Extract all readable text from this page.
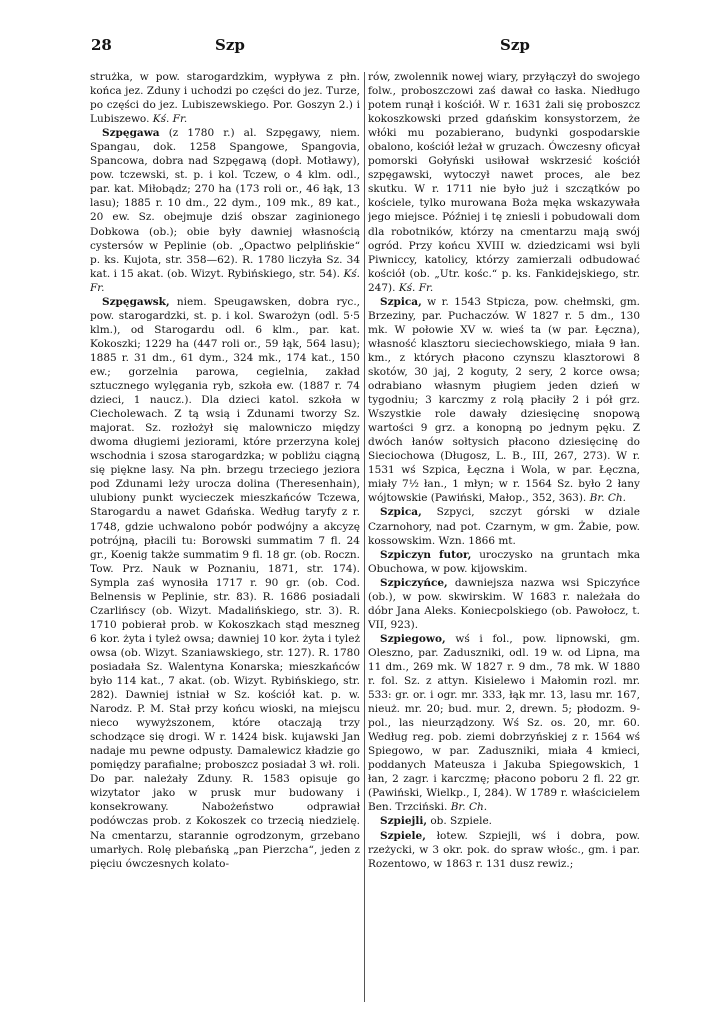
28	Szp	Szp

strużka, w pow. starogardzkim, wypływa z płn. końca jez. Zduny i uchodzi po części do jez. Turze, po części do jez. Lubiszewskiego. Por. Goszyn 2.) i Lubiszewo. Kś. Fr.

Szpęgawa (z 1780 r.) al. Szpęgawy, niem. Spangau, dok. 1258 Spangowe, Spangovia, Spancowa, dobra nad Szpęgawą (dopł. Motławy), pow. tczewski, st. p. i kol. Tczew, o 4 klm. odl., par. kat. Miłobądz; 270 ha (173 roli or., 46 łąk, 13 lasu); 1885 r. 10 dm., 22 dym., 109 mk., 89 kat., 20 ew. Sz. obejmuje dziś obszar zaginionego Dobkowa (ob.); obie były dawniej własnością cystersów w Peplinie (ob. „Opactwo pelplińskie“ p. ks. Kujota, str. 358—62). R. 1780 liczyła Sz. 34 kat. i 15 akat. (ob. Wizyt. Rybińskiego, str. 54). Kś. Fr.

Szpęgawsk, niem. Speugawsken, dobra ryc., pow. starogardzki, st. p. i kol. Swarożyn (odl. 5·5 klm.), od Starogardu odl. 6 klm., par. kat. Kokoszki; 1229 ha (447 roli or., 59 łąk, 564 lasu); 1885 r. 31 dm., 61 dym., 324 mk., 174 kat., 150 ew.; gorzelnia parowa, cegielnia, zakład sztucznego wylęgania ryb, szkoła ew. (1887 r. 74 dzieci, 1 naucz.). Dla dzieci katol. szkoła w Ciecholewach. Z tą wsią i Zdunami tworzy Sz. majorat. Sz. rozłożył się malowniczo między dwoma długiemi jeziorami, które przerzyna kolej wschodnia i szosa starogardzka; w pobliżu ciągną się piękne lasy. Na płn. brzegu trzeciego jeziora pod Zdunami leży urocza dolina (Theresenhain), ulubiony punkt wycieczek mieszkańców Tczewa, Starogardu a nawet Gdańska. Według taryfy z r. 1748, gdzie uchwalono pobór podwójny a akcyzę potrójną, płacili tu: Borowski summatim 7 fl. 24 gr., Koenig także summatim 9 fl. 18 gr. (ob. Roczn. Tow. Prz. Nauk w Poznaniu, 1871, str. 174). Sympla zaś wynosiła 1717 r. 90 gr. (ob. Cod. Belnensis w Peplinie, str. 83). R. 1686 posiadali Czarlińscy (ob. Wizyt. Madalińskiego, str. 3). R. 1710 pobierał prob. w Kokoszkach stąd meszneg 6 kor. żyta i tyleż owsa; dawniej 10 kor. żyta i tyleż owsa (ob. Wizyt. Szaniawskiego, str. 127). R. 1780 posiadała Sz. Walentyna Konarska; mieszkańców było 114 kat., 7 akat. (ob. Wizyt. Rybińskiego, str. 282). Dawniej istniał w Sz. kościół kat. p. w. Narodz. P. M. Stał przy końcu wioski, na miejscu nieco wywyższonem, które otaczają trzy schodzące się drogi. W r. 1424 bisk. kujawski Jan nadaje mu pewne odpusty. Damalewicz kładzie go pomiędzy parafialne; proboszcz posiadał 3 wł. roli. Do par. należały Zduny. R. 1583 opisuje go wizytator jako w prusk mur budowany i konsekrowany. Nabożeństwo odprawiał podówczas prob. z Kokoszek co trzecią niedzielę. Na cmentarzu, starannie ogrodzonym, grzebano umarłych. Rolę plebańską „pan Pierzcha“, jeden z pięciu ówczesnych kolato-

rów, zwolennik nowej wiary, przyłączył do swojego folw., proboszczowi zaś dawał co łaska. Niedługo potem runął i kościół. W r. 1631 żali się proboszcz kokoszkowski przed gdańskim konsystorzem, że włóki mu pozabierano, budynki gospodarskie obalono, kościół leżał w gruzach. Ówczesny oficyał pomorski Gołyński usiłował wskrzesić kościół szpęgawski, wytoczył nawet proces, ale bez skutku. W r. 1711 nie było już i szczątków po kościele, tylko murowana Boża męka wskazywała jego miejsce. Później i tę zniesli i pobudowali dom dla robotników, którzy na cmentarzu mają swój ogród. Przy końcu XVIII w. dziedzicami wsi byli Piwniccy, katolicy, którzy zamierzali odbudować kościół (ob. „Utr. kośc.“ p. ks. Fankidejskiego, str. 247). Kś. Fr.

Szpica, w r. 1543 Stpicza, pow. chełmski, gm. Brzeziny, par. Puchaczów. W 1827 r. 5 dm., 130 mk. W połowie XV w. wieś ta (w par. Łęczna), własność klasztoru sieciechowskiego, miała 9 łan. km., z których płacono czynszu klasztorowi 8 skotów, 30 jaj, 2 koguty, 2 sery, 2 korce owsa; odrabiano własnym pługiem jeden dzień w tygodniu; 3 karczmy z rolą płaciły 2 i pół grz. Wszystkie role dawały dziesięcinę snopową wartości 9 grz. a konopną po jednym pęku. Z dwóch łanów sołtysich płacono dziesięcinę do Sieciochowa (Długosz, L. B., III, 267, 273). W r. 1531 wś Szpica, Łęczna i Wola, w par. Łęczna, miały 7½ łan., 1 młyn; w r. 1564 Sz. było 2 łany wójtowskie (Pawiński, Małop., 352, 363). Br. Ch.

Szpica, Szpyci, szczyt górski w dziale Czarnohory, nad pot. Czarnym, w gm. Żabie, pow. kossowskim. Wzn. 1866 mt.

Szpiczyn futor, uroczysko na gruntach mka Obuchowa, w pow. kijowskim.

Szpiczyńce, dawniejsza nazwa wsi Spiczyńce (ob.), w pow. skwirskim. W 1683 r. należała do dóbr Jana Aleks. Koniecpolskiego (ob. Pawołocz, t. VII, 923).

Szpiegowo, wś i fol., pow. lipnowski, gm. Oleszno, par. Zaduszniki, odl. 19 w. od Lipna, ma 11 dm., 269 mk. W 1827 r. 9 dm., 78 mk. W 1880 r. fol. Sz. z attyn. Kisielewo i Małomin rozl. mr. 533: gr. or. i ogr. mr. 333, łąk mr. 13, lasu mr. 167, nieuż. mr. 20; bud. mur. 2, drewn. 5; płodozm. 9-pol., las nieurządzony. Wś Sz. os. 20, mr. 60. Według reg. pob. ziemi dobrzyńskiej z r. 1564 wś Spiegowo, w par. Zaduszniki, miała 4 kmieci, poddanych Mateusza i Jakuba Spiegowskich, 1 łan, 2 zagr. i karczmę; płacono poboru 2 fl. 22 gr. (Pawiński, Wielkp., I, 284). W 1789 r. właścicielem Ben. Trzciński. Br. Ch.

Szpiejli, ob. Szpiele.

Szpiele, łotew. Szpiejli, wś i dobra, pow. rzeżycki, w 3 okr. pok. do spraw włośc., gm. i par. Rozentowo, w 1863 r. 131 dusz rewiz.;
